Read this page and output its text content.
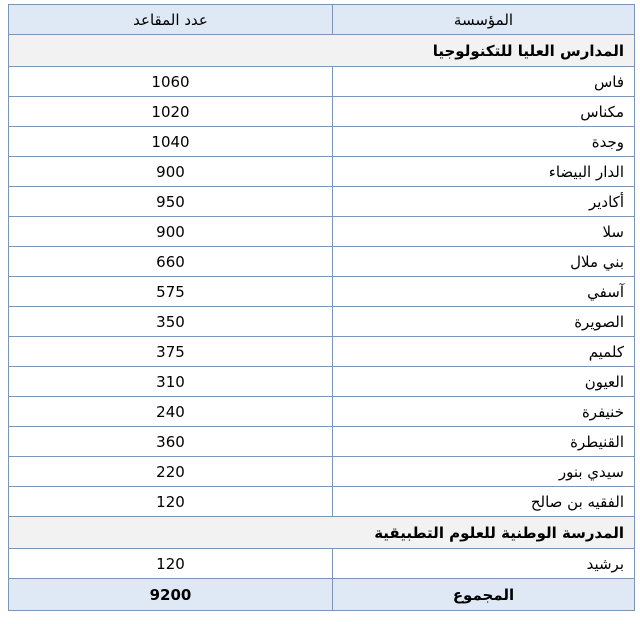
المؤسسة	عدد المقاعد
المدارس العليا للتكنولوجيا	
فاس	1060
مكناس	1020
وجدة	1040
الدار البيضاء	900
أكادير	950
سلا	900
بني ملال	660
آسفي	575
الصويرة	350
كلميم	375
العيون	310
خنيفرة	240
القنيطرة	360
سيدي بنور	220
الفقيه بن صالح	120
المدرسة الوطنية للعلوم التطبيقية	
برشيد	120
المجموع	9200
